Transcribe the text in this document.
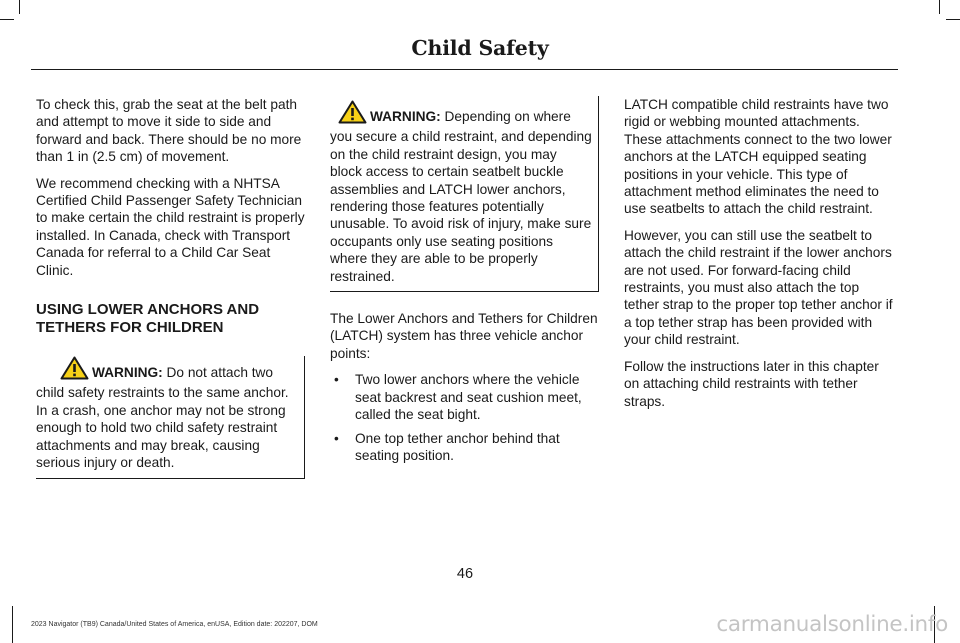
Child Safety

To check this, grab the seat at the belt path and attempt to move it side to side and forward and back. There should be no more than 1 in (2.5 cm) of movement.

We recommend checking with a NHTSA Certified Child Passenger Safety Technician to make certain the child restraint is properly installed. In Canada, check with Transport Canada for referral to a Child Car Seat Clinic.

USING LOWER ANCHORS AND TETHERS FOR CHILDREN
WARNING: Do not attach two child safety restraints to the same anchor. In a crash, one anchor may not be strong enough to hold two child safety restraint attachments and may break, causing serious injury or death.
WARNING: Depending on where you secure a child restraint, and depending on the child restraint design, you may block access to certain seatbelt buckle assemblies and LATCH lower anchors, rendering those features potentially unusable. To avoid risk of injury, make sure occupants only use seating positions where they are able to be properly restrained.

The Lower Anchors and Tethers for Children (LATCH) system has three vehicle anchor points:

• Two lower anchors where the vehicle seat backrest and seat cushion meet, called the seat bight.
• One top tether anchor behind that seating position.

LATCH compatible child restraints have two rigid or webbing mounted attachments. These attachments connect to the two lower anchors at the LATCH equipped seating positions in your vehicle. This type of attachment method eliminates the need to use seatbelts to attach the child restraint.

However, you can still use the seatbelt to attach the child restraint if the lower anchors are not used. For forward-facing child restraints, you must also attach the top tether strap to the proper top tether anchor if a top tether strap has been provided with your child restraint.

Follow the instructions later in this chapter on attaching child restraints with tether straps.

46
2023 Navigator (TB9) Canada/United States of America, enUSA, Edition date: 202207, DOM	carmanualsonline.info
